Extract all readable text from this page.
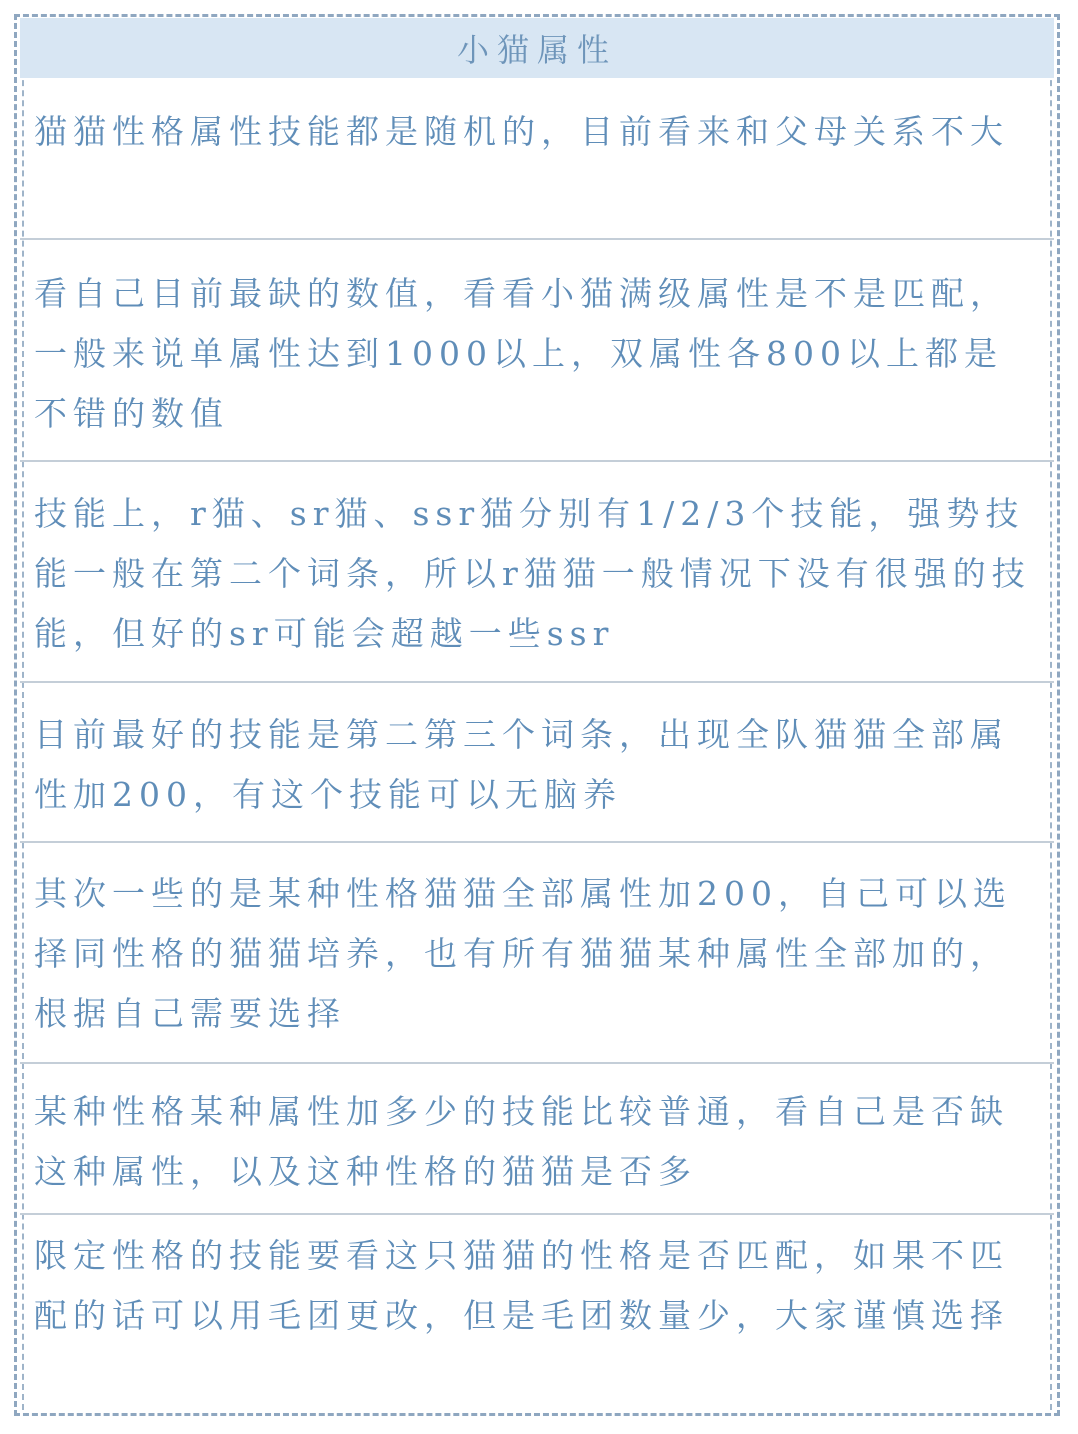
小猫属性
猫猫性格属性技能都是随机的，目前看来和父母关系不大
看自己目前最缺的数值，看看小猫满级属性是不是匹配，一般来说单属性达到1000以上，双属性各800以上都是不错的数值
技能上，r猫、sr猫、ssr猫分别有1/2/3个技能，强势技能一般在第二个词条，所以r猫猫一般情况下没有很强的技能，但好的sr可能会超越一些ssr
目前最好的技能是第二第三个词条，出现全队猫猫全部属性加200，有这个技能可以无脑养
其次一些的是某种性格猫猫全部属性加200，自己可以选择同性格的猫猫培养，也有所有猫猫某种属性全部加的，根据自己需要选择
某种性格某种属性加多少的技能比较普通，看自己是否缺这种属性，以及这种性格的猫猫是否多
限定性格的技能要看这只猫猫的性格是否匹配，如果不匹配的话可以用毛团更改，但是毛团数量少，大家谨慎选择
